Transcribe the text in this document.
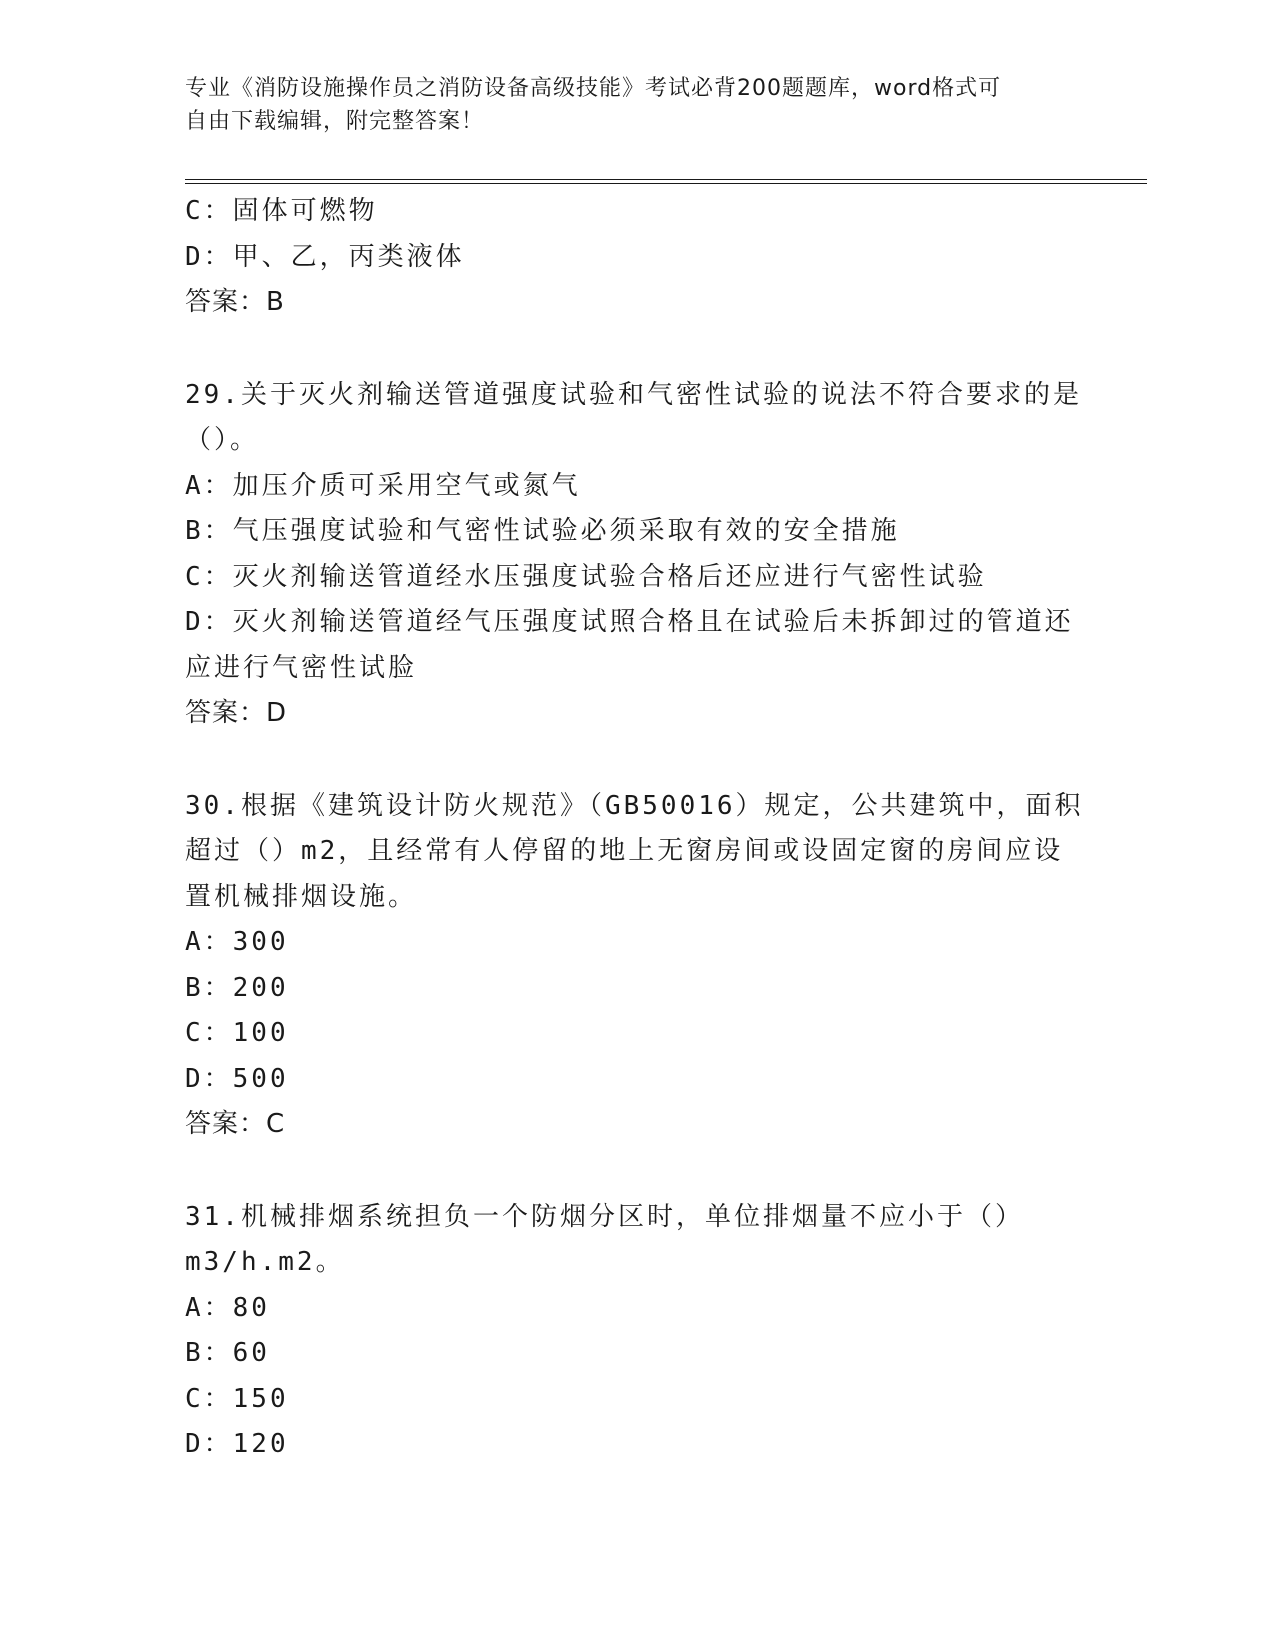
专业《消防设施操作员之消防设备高级技能》考试必背200题题库，word格式可
自由下载编辑，附完整答案！
C：固体可燃物
D：甲、乙，丙类液体
答案：B
29.关于灭火剂输送管道强度试验和气密性试验的说法不符合要求的是
（）。
A：加压介质可采用空气或氮气
B：气压强度试验和气密性试验必须采取有效的安全措施
C：灭火剂输送管道经水压强度试验合格后还应进行气密性试验
D：灭火剂输送管道经气压强度试照合格且在试验后未拆卸过的管道还
应进行气密性试脸
答案：D
30.根据《建筑设计防火规范》（GB50016）规定，公共建筑中，面积
超过（）m2，且经常有人停留的地上无窗房间或设固定窗的房间应设
置机械排烟设施。
A：300
B：200
C：100
D：500
答案：C
31.机械排烟系统担负一个防烟分区时，单位排烟量不应小于（）
m3/h.m2。
A：80
B：60
C：150
D：120
